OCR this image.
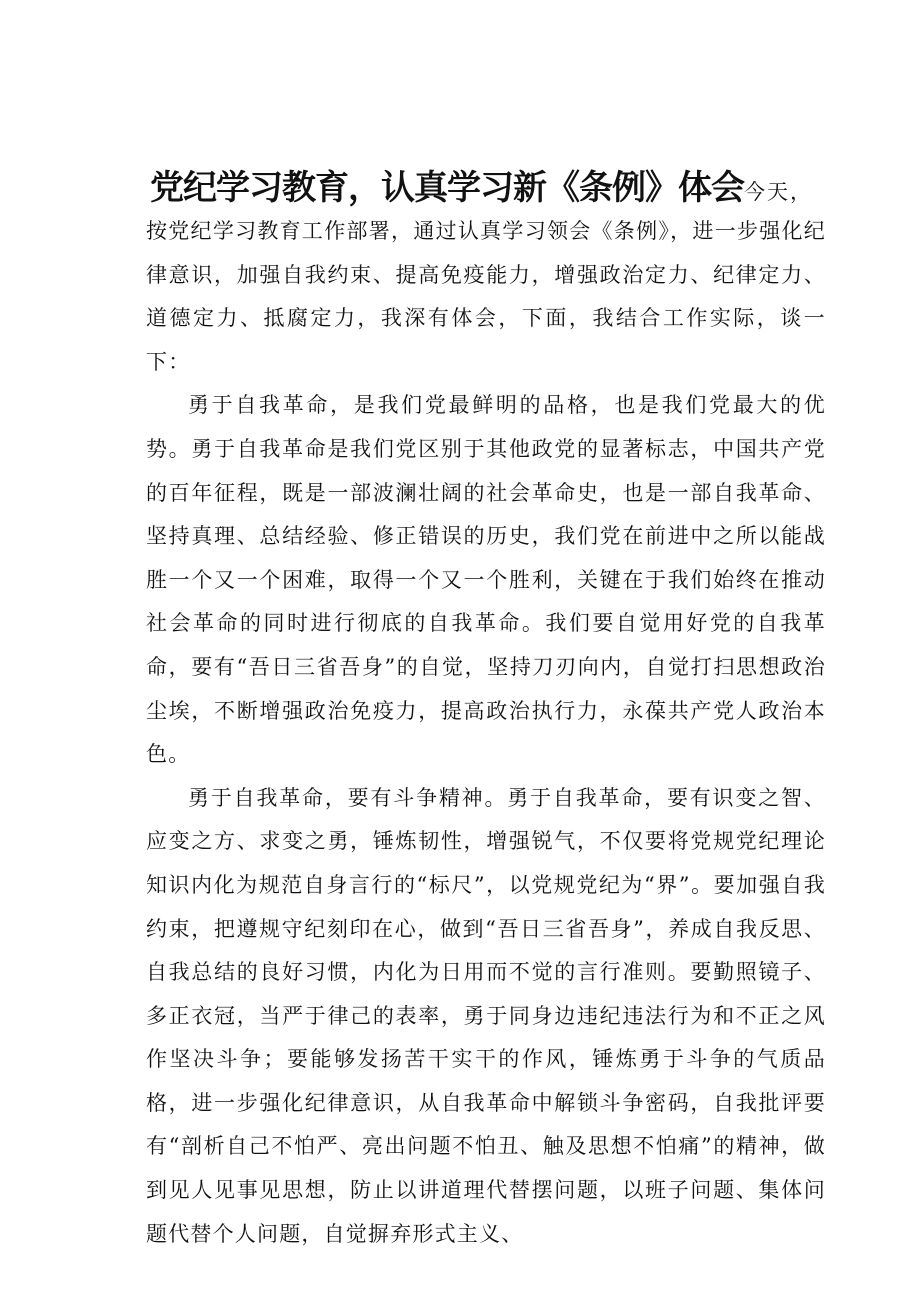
党纪学习教育，认真学习新《条例》体会今天，

按党纪学习教育工作部署，通过认真学习领会《条例》，进一步强化纪律意识，加强自我约束、提高免疫能力，增强政治定力、纪律定力、道德定力、抵腐定力，我深有体会，下面，我结合工作实际，谈一下：

勇于自我革命，是我们党最鲜明的品格，也是我们党最大的优势。勇于自我革命是我们党区别于其他政党的显著标志，中国共产党的百年征程，既是一部波澜壮阔的社会革命史，也是一部自我革命、坚持真理、总结经验、修正错误的历史，我们党在前进中之所以能战胜一个又一个困难，取得一个又一个胜利，关键在于我们始终在推动社会革命的同时进行彻底的自我革命。我们要自觉用好党的自我革命，要有“吾日三省吾身”的自觉，坚持刀刃向内，自觉打扫思想政治尘埃，不断增强政治免疫力，提高政治执行力，永葆共产党人政治本色。

勇于自我革命，要有斗争精神。勇于自我革命，要有识变之智、应变之方、求变之勇，锤炼韧性，增强锐气，不仅要将党规党纪理论知识内化为规范自身言行的“标尺”，以党规党纪为“界”。要加强自我约束，把遵规守纪刻印在心，做到“吾日三省吾身”，养成自我反思、自我总结的良好习惯，内化为日用而不觉的言行准则。要勤照镜子、多正衣冠，当严于律己的表率，勇于同身边违纪违法行为和不正之风作坚决斗争；要能够发扬苦干实干的作风，锤炼勇于斗争的气质品格，进一步强化纪律意识，从自我革命中解锁斗争密码，自我批评要有“剖析自己不怕严、亮出问题不怕丑、触及思想不怕痛”的精神，做到见人见事见思想，防止以讲道理代替摆问题，以班子问题、集体问题代替个人问题，自觉摒弃形式主义、
